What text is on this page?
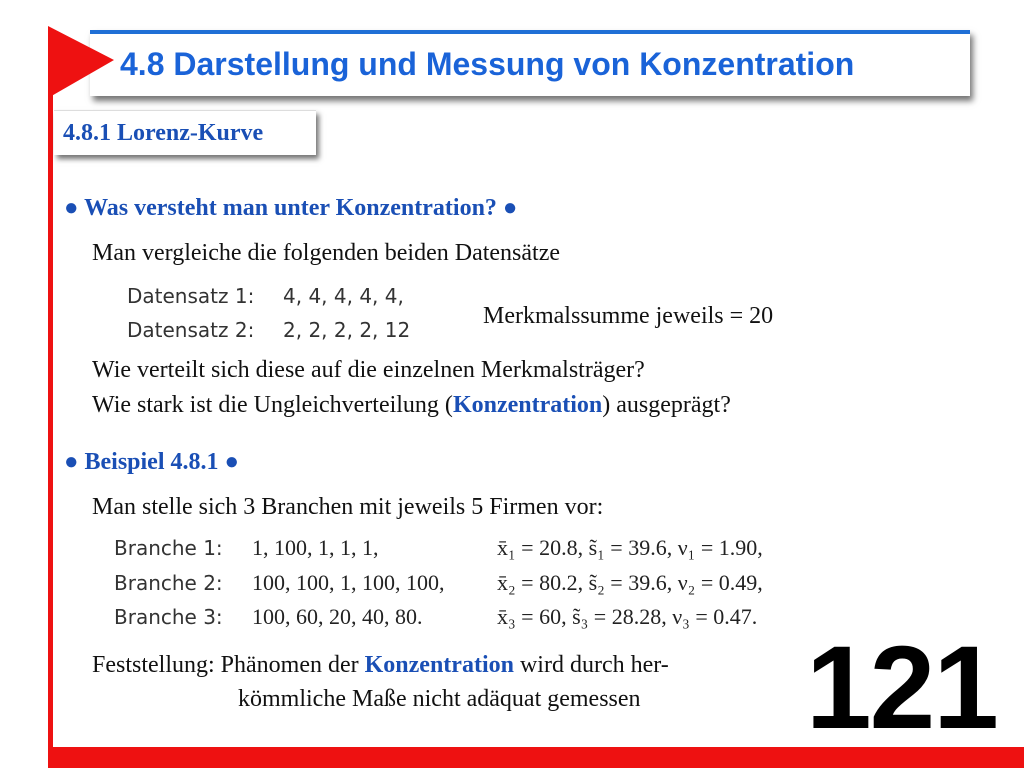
4.8 Darstellung und Messung von Konzentration
4.8.1 Lorenz-Kurve
● Was versteht man unter Konzentration? ●
Man vergleiche die folgenden beiden Datensätze
Datensatz 1: 4, 4, 4, 4, 4,
Datensatz 2: 2, 2, 2, 2, 12
Merkmalssumme jeweils = 20
Wie verteilt sich diese auf die einzelnen Merkmalsträger?
Wie stark ist die Ungleichverteilung (Konzentration) ausgeprägt?
● Beispiel 4.8.1 ●
Man stelle sich 3 Branchen mit jeweils 5 Firmen vor:
Branche 1: 1, 100, 1, 1, 1,	x̄₁ = 20.8, s̃₁ = 39.6, ν₁ = 1.90,
Branche 2: 100, 100, 1, 100, 100, x̄₂ = 80.2, s̃₂ = 39.6, ν₂ = 0.49,
Branche 3: 100, 60, 20, 40, 80.	x̄₃ = 60, s̃₃ = 28.28, ν₃ = 0.47.
Feststellung: Phänomen der Konzentration wird durch her-
kömmliche Maße nicht adäquat gemessen 121
